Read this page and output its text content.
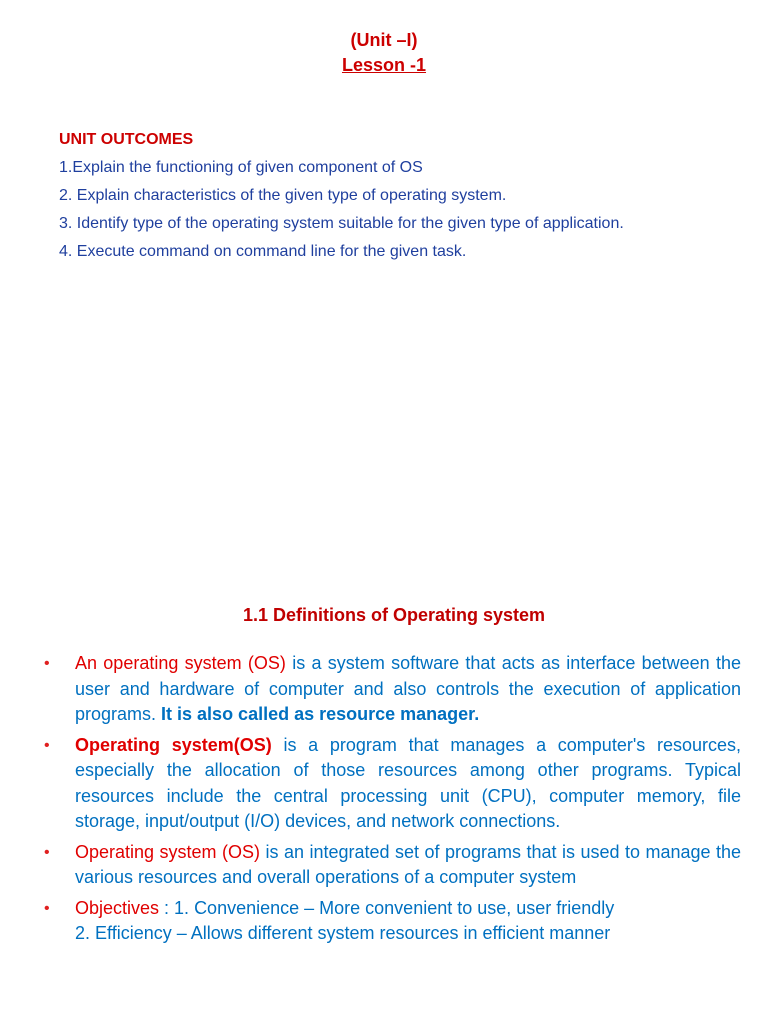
(Unit –I)
Lesson -1
UNIT OUTCOMES
1.Explain the functioning of given component of OS
2. Explain characteristics of the given type of operating system.
3. Identify type of the operating system suitable for the given type of application.
4. Execute command on command line for the given task.
1.1 Definitions of Operating system
• An operating system (OS) is a system software that acts as interface between the user and hardware of computer and also controls the execution of application programs. It is also called as resource manager.
• Operating system(OS) is a program that manages a computer's resources, especially the allocation of those resources among other programs. Typical resources include the central processing unit (CPU), computer memory, file storage, input/output (I/O) devices, and network connections.
• Operating system (OS) is an integrated set of programs that is used to manage the various resources and overall operations of a computer system
• Objectives : 1. Convenience – More convenient to use, user friendly
2. Efficiency – Allows different system resources in efficient manner
